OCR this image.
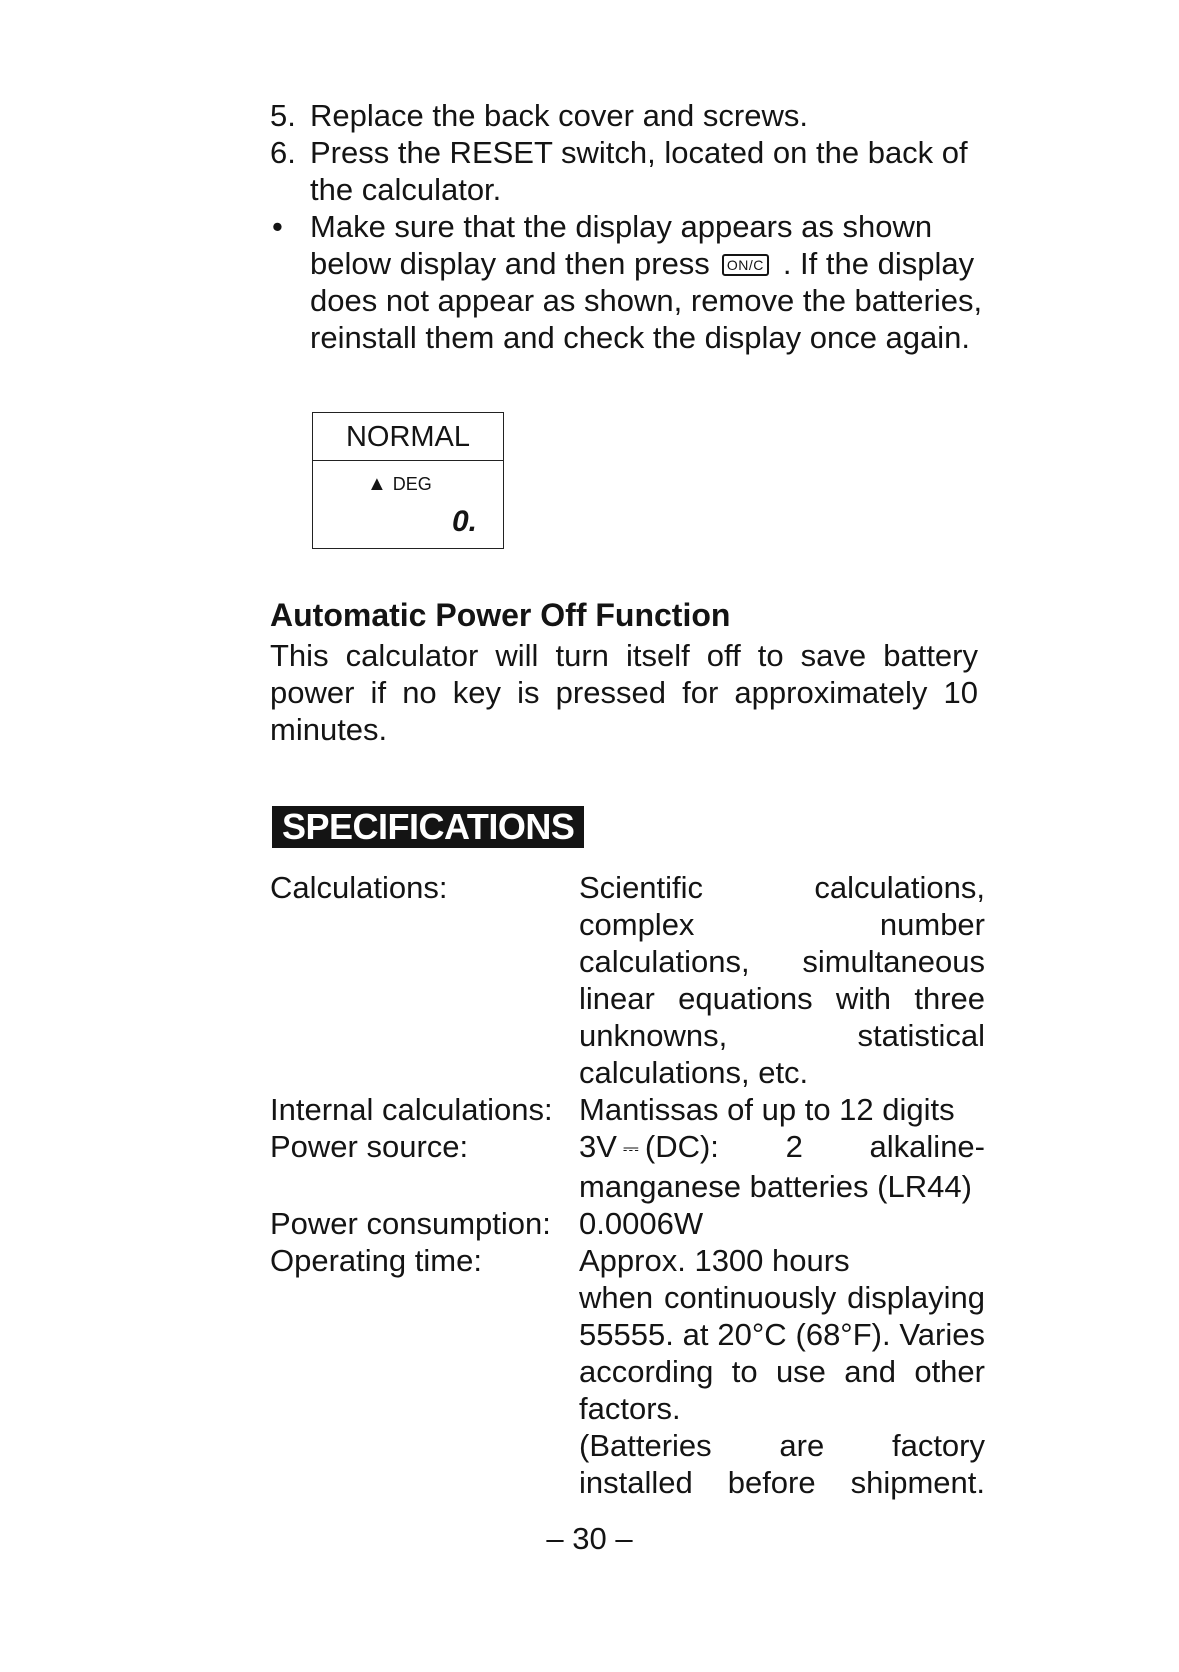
5. Replace the back cover and screws.
6. Press the RESET switch, located on the back of the calculator.
• Make sure that the display appears as shown below display and then press ON/C . If the display does not appear as shown, remove the batteries, reinstall them and check the display once again.
NORMAL
▲ DEG
0.
Automatic Power Off Function
This calculator will turn itself off to save battery power if no key is pressed for approximately 10 minutes.
SPECIFICATIONS
Calculations:	Scientific calculations, complex number calculations, simultaneous linear equations with three unknowns, statistical calculations, etc.
Internal calculations: Mantissas of up to 12 digits
Power source:	3V ⎓ (DC): 2 alkaline-manganese batteries (LR44)
Power consumption: 0.0006W
Operating time:	Approx. 1300 hours
when continuously displaying 55555. at 20°C (68°F). Varies according to use and other factors.
(Batteries are factory installed before shipment.
– 30 –
